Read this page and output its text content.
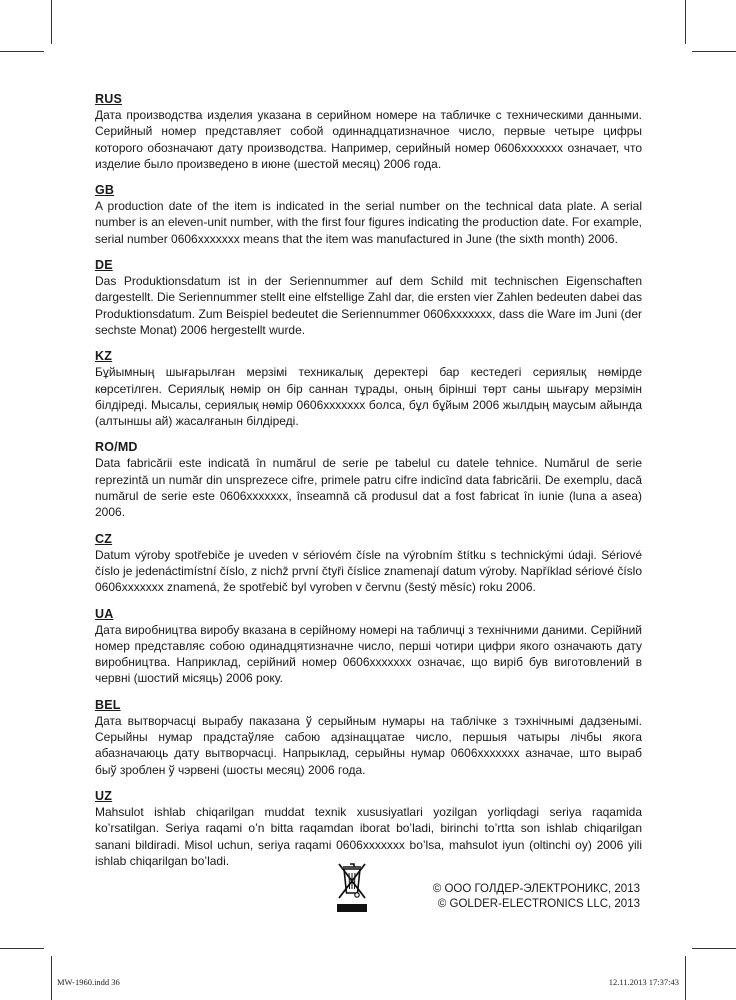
RUS
Дата производства изделия указана в серийном номере на табличке с техническими данными. Серийный номер представляет собой одиннадцатизначное число, первые четыре цифры которого обозначают дату производства. Например, серийный номер 0606xxxxxxx означает, что изделие было произведено в июне (шестой месяц) 2006 года.
GB
A production date of the item is indicated in the serial number on the technical data plate. A serial number is an eleven-unit number, with the first four figures indicating the production date. For example, serial number 0606xxxxxxx means that the item was manufactured in June (the sixth month) 2006.
DE
Das Produktionsdatum ist in der Seriennummer auf dem Schild mit technischen Eigenschaften dargestellt. Die Seriennummer stellt eine elfstellige Zahl dar, die ersten vier Zahlen bedeuten dabei das Produktionsdatum. Zum Beispiel bedeutet die Seriennummer 0606xxxxxxx, dass die Ware im Juni (der sechste Monat) 2006 hergestellt wurde.
KZ
Бұйымның шығарылған мерзімі техникалық деректері бар кестедегі сериялық нөмірде көрсетілген. Сериялық нөмір он бір саннан тұрады, оның бірінші төрт саны шығару мерзімін білдіреді. Мысалы, сериялық нөмір 0606xxxxxxx болса, бұл бұйым 2006 жылдың маусым айында (алтыншы ай) жасалғанын білдіреді.
RO/MD
Data fabricării este indicată în numărul de serie pe tabelul cu datele tehnice. Numărul de serie reprezintă un număr din unsprezece cifre, primele patru cifre indicînd data fabricării. De exemplu, dacă numărul de serie este 0606xxxxxxx, înseamnă că produsul dat a fost fabricat în iunie (luna a asea) 2006.
CZ
Datum výroby spotřebiče je uveden v sériovém čísle na výrobním štítku s technickými údaji. Sériové číslo je jedenáctimístní číslo, z nichž první čtyři číslice znamenají datum výroby. Například sériové číslo 0606xxxxxxx znamená, že spotřebič byl vyroben v červnu (šestý měsíc) roku 2006.
UA
Дата виробництва виробу вказана в серійному номері на табличці з технічними даними. Серійний номер представляє собою одинадцятизначне число, перші чотири цифри якого означають дату виробництва. Наприклад, серійний номер 0606xxxxxxx означає, що виріб був виготовлений в червні (шостий місяць) 2006 року.
BEL
Дата вытворчасці вырабу паказана ў серыйным нумары на таблічке з тэхнічнымі дадзенымі. Серыйны нумар прадстаўляе сабою адзінаццатае число, першыя чатыры лічбы якога абазначаюць дату вытворчасці. Напрыклад, серыйны нумар 0606xxxxxxx азначае, што выраб быў зроблен ў чэрвені (шосты месяц) 2006 года.
UZ
Mahsulot ishlab chiqarilgan muddat texnik xususiyatlari yozilgan yorliqdagi seriya raqamida ko’rsatilgan. Seriya raqami o’n bitta raqamdan iborat bo’ladi, birinchi to’rtta son ishlab chiqarilgan sanani bildiradi. Misol uchun, seriya raqami 0606xxxxxxx bo’lsa, mahsulot iyun (oltinchi oy) 2006 yili ishlab chiqarilgan bo’ladi.
© ООО ГОЛДЕР-ЭЛЕКТРОНИКС, 2013
© GOLDER-ELECTRONICS LLC, 2013
MW-1960.indd 36	12.11.2013 17:37:43
